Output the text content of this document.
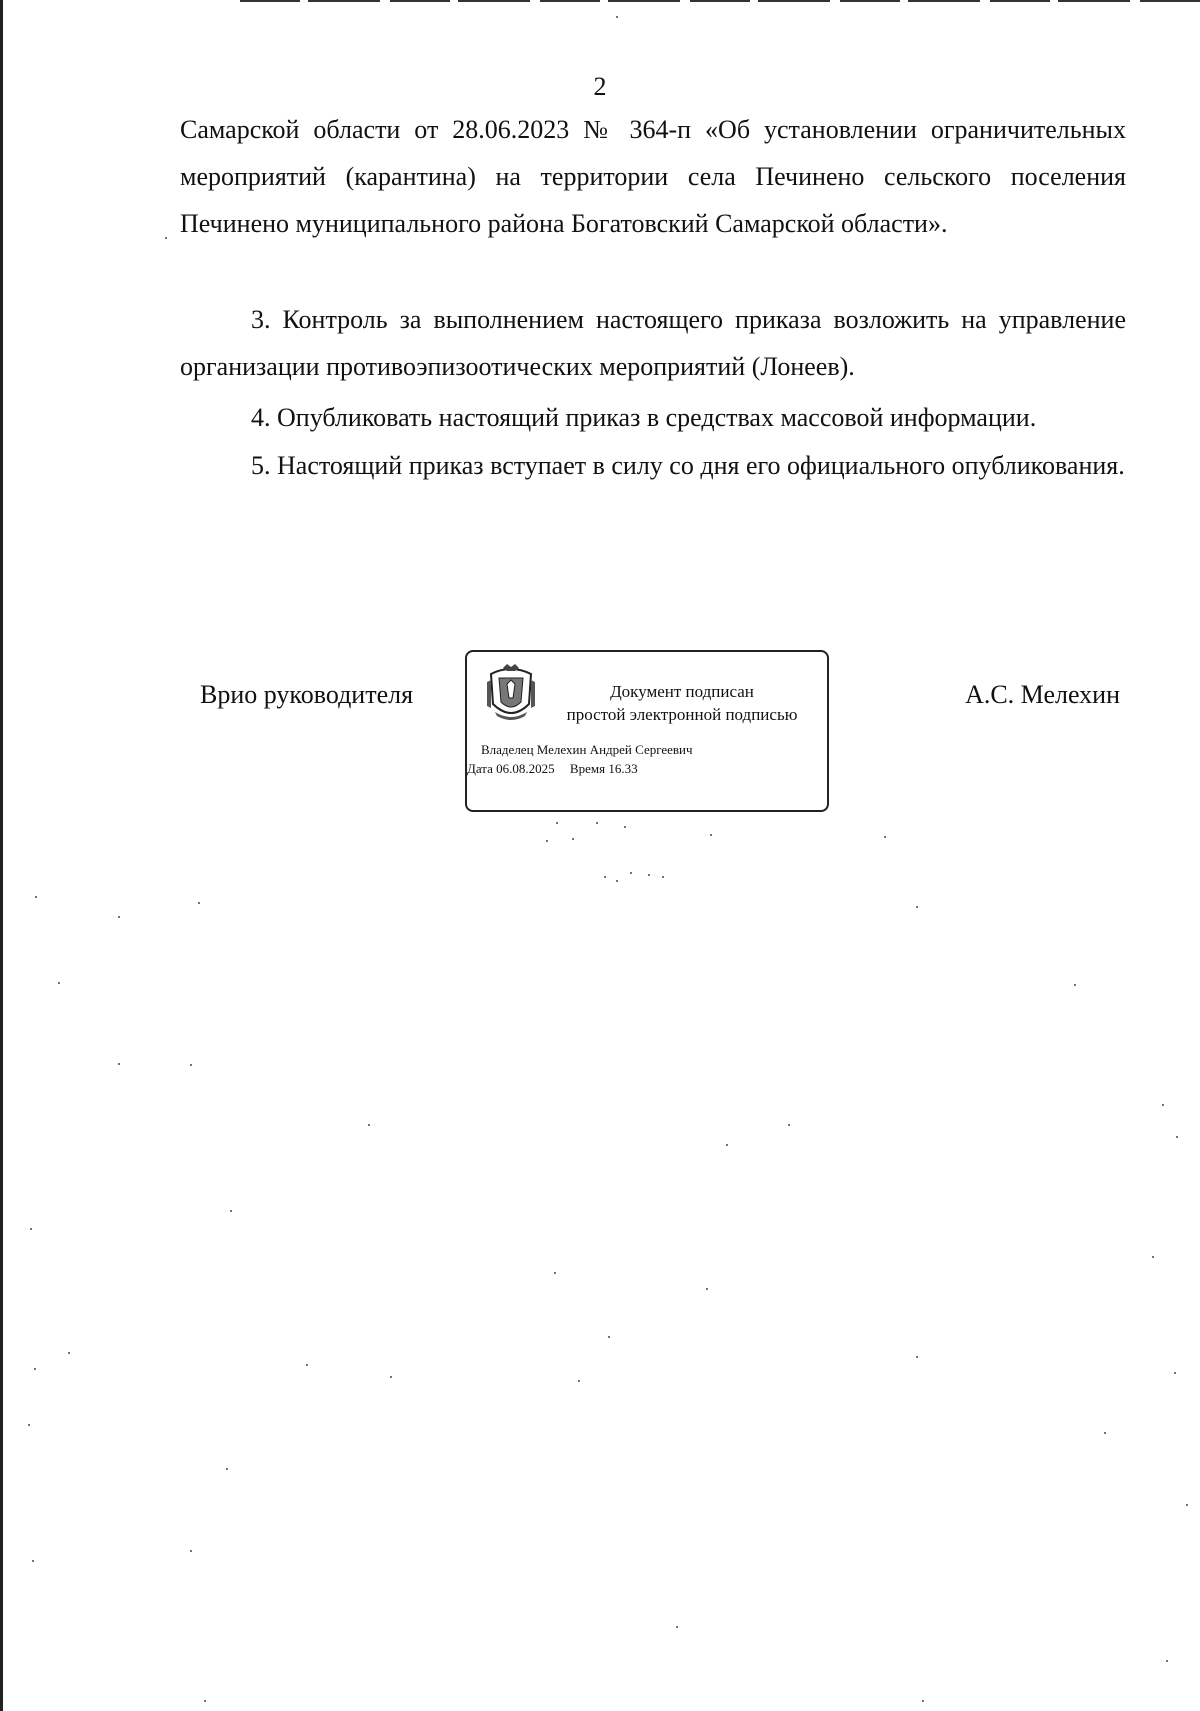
2

Самарской области от 28.06.2023 № 364-п «Об установлении ограничительных мероприятий (карантина) на территории села Печинено сельского поселения Печинено муниципального района Богатовский Самарской области».

3. Контроль за выполнением настоящего приказа возложить на управление организации противоэпизоотических мероприятий (Лонеев).

4. Опубликовать настоящий приказ в средствах массовой информации.

5. Настоящий приказ вступает в силу со дня его официального опубликования.

Врио руководителя	Документ подписан
простой электронной подписью
Владелец Мелехин Андрей Сергеевич
Дата 06.08.2025 Время 16.33
А.С. Мелехин
